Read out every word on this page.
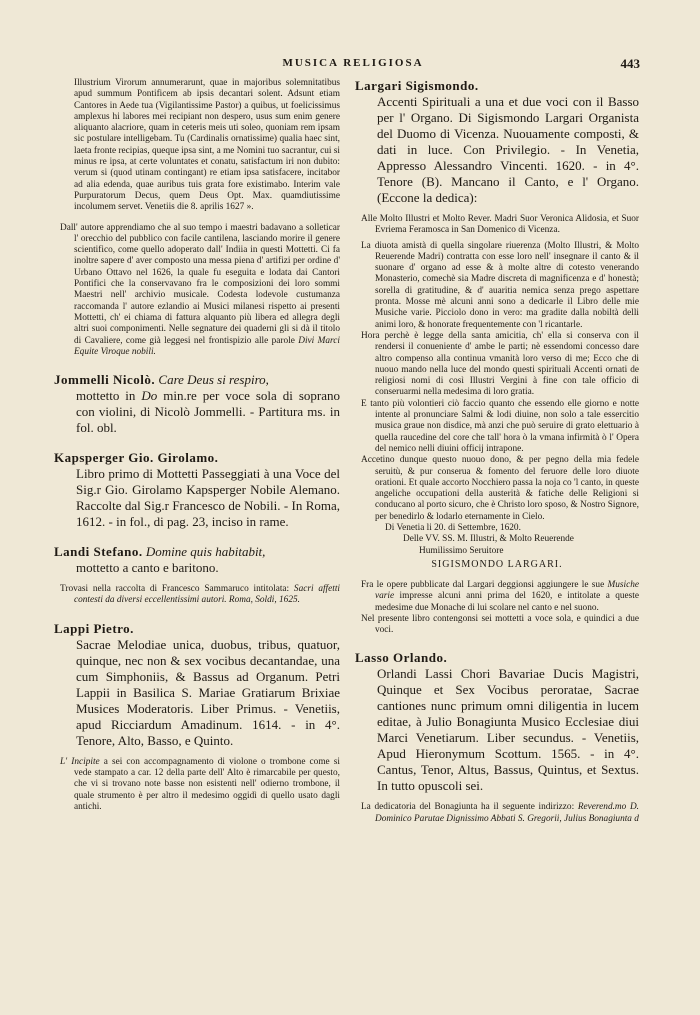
MUSICA RELIGIOSA	443

Illustrium Virorum annumerarunt, quae in majoribus solemnitatibus apud summum Pontificem ab ipsis decantari solent. Adsunt etiam Cantores in Aede tua (Vigilantissime Pastor) a quibus, ut foelicissimus amplexus hi labores mei recipiant non despero, usus sum enim genere aliquanto alacriore, quam in ceteris meis uti soleo, quoniam rem ipsam sic postulare intelligebam. Tu (Cardinalis ornatissime) qualia haec sint, laeta fronte recipias, queque ipsa sint, a me Nomini tuo sacrantur, cui si minus re ipsa, at certe voluntates et conatu, satisfactum iri non dubito: verum si (quod utinam contingant) re etiam ipsa satisfacere, incitabor ad alia edenda, quae auribus tuis grata fore existimabo. Interim vale Purpuratorum Decus, quem Deus Opt. Max. quamdiutissime incolumem servet. Venetiis die 8. aprilis 1627 ».

Dall' autore apprendiamo che al suo tempo i maestri badavano a solleticar l' orecchio del pubblico con facile cantilena, lasciando morire il genere scientifico, come quello adoperato dall' Indiia in questi Mottetti. Ci fa inoltre sapere d' aver composto una messa piena d' artifizi per ordine d' Urbano Ottavo nel 1626, la quale fu eseguita e lodata dai Cantori Pontifici che la conservavano fra le composizioni dei loro sommi Maestri nell' archivio musicale. Codesta lodevole custumanza raccomanda l' autore ezlandio ai Musici milanesi rispetto ai presenti Mottetti, ch' ei chiama di fattura alquanto più libera ed allegra degli altri suoi componimenti. Nelle segnature dei quaderni gli si dà il titolo di Cavaliere, come già leggesi nel frontispizio alle parole Divi Marci Equite Viroque nobili.

Jommelli Nicolò. Care Deus si respiro,

mottetto in Do min.re per voce sola di soprano con violini, di Nicolò Jommelli. - Partitura ms. in fol. obl.

Kapsperger Gio. Girolamo.

Libro primo di Mottetti Passeggiati à una Voce del Sig.r Gio. Girolamo Kapsperger Nobile Alemano. Raccolte dal Sig.r Francesco de Nobili. - In Roma, 1612. - in fol., di pag. 23, inciso in rame.

Landi Stefano. Domine quis habitabit,

mottetto a canto e baritono.

Trovasi nella raccolta di Francesco Sammaruco intitolata: Sacri affetti contesti da diversi eccellentissimi autori. Roma, Soldi, 1625.

Lappi Pietro.

Sacrae Melodiae unica, duobus, tribus, quatuor, quinque, nec non & sex vocibus decantandae, una cum Simphoniis, & Bassus ad Organum. Petri Lappii in Basilica S. Mariae Gratiarum Brixiae Musices Moderatoris. Liber Primus. - Venetiis, apud Ricciardum Amadinum. 1614. - in 4°. Tenore, Alto, Basso, e Quinto.

L' Incipite a sei con accompagnamento di violone o trombone come si vede stampato a car. 12 della parte dell' Alto è rimarcabile per questo, che vi si trovano note basse non esistenti nell' odierno trombone, il quale strumento è per altro il medesimo oggidì di quello usato dagli antichi.

Largari Sigismondo.

Accenti Spirituali a una et due voci con il Basso per l' Organo. Di Sigismondo Largari Organista del Duomo di Vicenza. Nuouamente composti, & dati in luce. Con Privilegio. - In Venetia, Appresso Alessandro Vincenti. 1620. - in 4°. Tenore (B). Mancano il Canto, e l' Organo. (Eccone la dedica):

Alle Molto Illustri et Molto Rever. Madri Suor Veronica Alidosia, et Suor Evriema Feramosca in San Domenico di Vicenza.

La diuota amistà di quella singolare riuerenza (Molto Illustri, & Molto Reuerende Madri) contratta con esse loro nell' insegnare il canto & il suonare d' organo ad esse & à molte altre di cotesto venerando Monasterio, comechè sia Madre discreta di magnificenza e d' honestà; sorella di gratitudine, & d' auaritia nemica senza prego aspettare pronta. Mosse mè alcuni anni sono a dedicarle il Libro delle mie Musiche varie. Picciolo dono in vero: ma gradite dalla nobiltà delli animi loro, & honorate frequentemente con 'l ricantarle.

Hora perchè è legge della santa amicitia, ch' ella si conserva con il rendersi il conueniente d' ambe le parti; nè essendomi concesso dare altro compenso alla continua vmanità loro verso di me; Ecco che di nuouo mando nella luce del mondo questi spirituali Accenti ornati de religiosi nomi di così Illustri Vergini à fine con tale officio di conseruarmi nella medesima di loro gratia.

E tanto più volontieri ciò faccio quanto che essendo elle giorno e notte intente al pronunciare Salmi & lodi diuine, non solo a tale essercitio musica graue non disdice, mà anzi che può seruire di grato elettuario à quella raucedine del core che tall' hora ò la vmana infirmità ò l' Opera del nemico nelli diuini officij intrapone.

Accetino dunque questo nuouo dono, & per pegno della mia fedele seruitù, & pur conserua & fomento del feruore delle loro diuote orationi. Et quale accorto Nocchiero passa la noja co 'l canto, in queste angeliche occupationi della austerità & fatiche delle Religioni si conducano al porto sicuro, che è Christo loro sposo, & Nostro Signore, per benedirlo & lodarlo eternamente in Cielo.

Di Venetia li 20. di Settembre, 1620.

Delle VV. SS. M. Illustri, & Molto Reuerende

Humilissimo Seruitore

SIGISMONDO LARGARI.

Fra le opere pubblicate dal Largari deggionsi aggiungere le sue Musiche varie impresse alcuni anni prima del 1620, e intitolate a queste medesime due Monache di lui scolare nel canto e nel suono.

Nel presente libro contengonsi sei mottetti a voce sola, e quindici a due voci.

Lasso Orlando.

Orlandi Lassi Chori Bavariae Ducis Magistri, Quinque et Sex Vocibus peroratae, Sacrae cantiones nunc primum omni diligentia in lucem editae, à Julio Bonagiunta Musico Ecclesiae diui Marci Venetiarum. Liber secundus. - Venetiis, Apud Hieronymum Scottum. 1565. - in 4°. Cantus, Tenor, Altus, Bassus, Quintus, et Sextus. In tutto opuscoli sei.

La dedicatoria del Bonagiunta ha il seguente indirizzo: Reverend.mo D. Dominico Parutae Dignissimo Abbati S. Gregorii, Julius Bonagiunta d
